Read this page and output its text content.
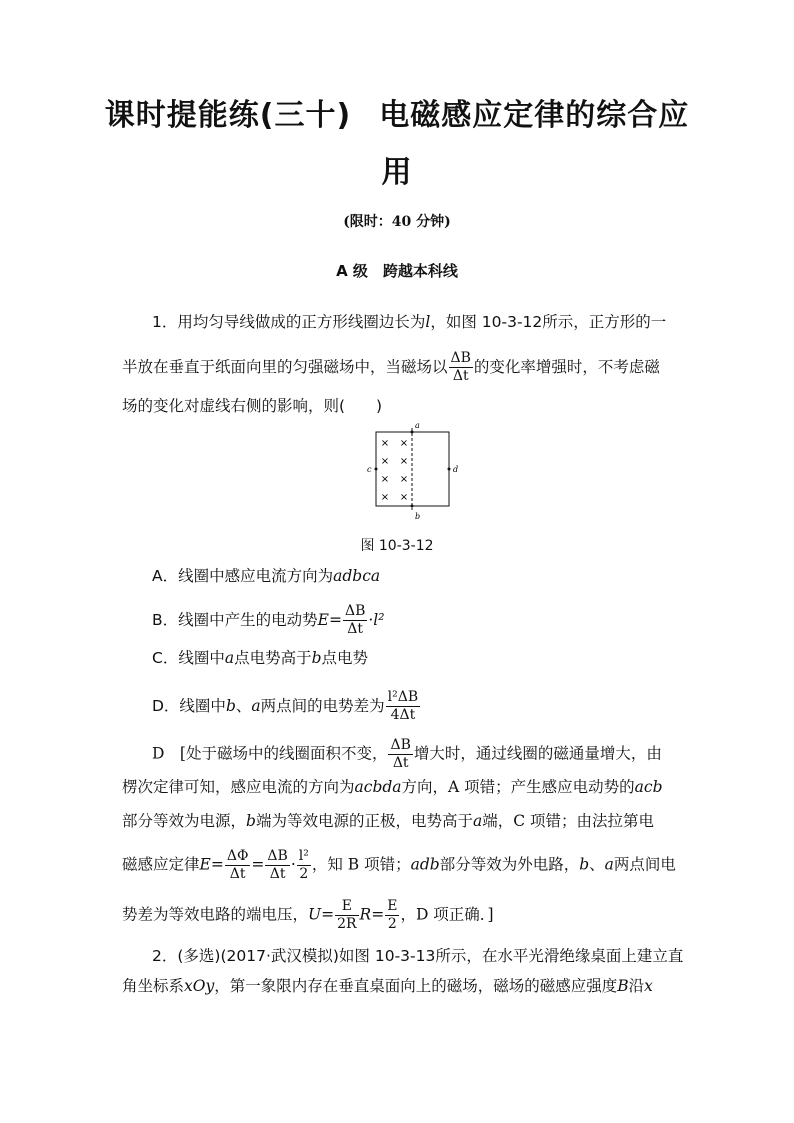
课时提能练(三十) 电磁感应定律的综合应
用
(限时：40 分钟)
A 级　跨越本科线
1．用均匀导线做成的正方形线圈边长为l，如图 10-3-12所示，正方形的一
半放在垂直于纸面向里的匀强磁场中，当磁场以 $\frac{\Delta B}{\Delta t}$ 的变化率增强时，不考虑磁
场的变化对虚线右侧的影响，则(　　)
a
b
c	d
× ×
× ×
× ×
× ×
图 10-3-12
A．线圈中感应电流方向为adbca
B．线圈中产生的电动势$E= \frac{\Delta B}{\Delta t} \cdot l^2$
C．线圈中a点电势高于b点电势
D．线圈中b、a两点间的电势差为 $\frac{\text{l²ΔB}}{4\Delta t}$
D　[处于磁场中的线圈面积不变， $\frac{\Delta B}{\Delta t}$ 增大时，通过线圈的磁通量增大，由
楞次定律可知，感应电流的方向为acbda方向，A 项错；产生感应电动势的acb
部分等效为电源，b端为等效电源的正极，电势高于a端，C 项错；由法拉第电
磁感应定律$E= \frac{\Delta\Phi}{\Delta t} = \frac{\Delta B}{\Delta t} \cdot \frac{\text{l²}}{2}$ ，知 B 项错；adb部分等效为外电路，b、a两点间电
势差为等效电路的端电压，$U= \frac{E}{2R} R= \frac{E}{2}$ ，D 项正确．]
2．(多选)(2017·武汉模拟)如图 10-3-13所示，在水平光滑绝缘桌面上建立直
角坐标系xOy，第一象限内存在垂直桌面向上的磁场，磁场的磁感应强度B沿x
